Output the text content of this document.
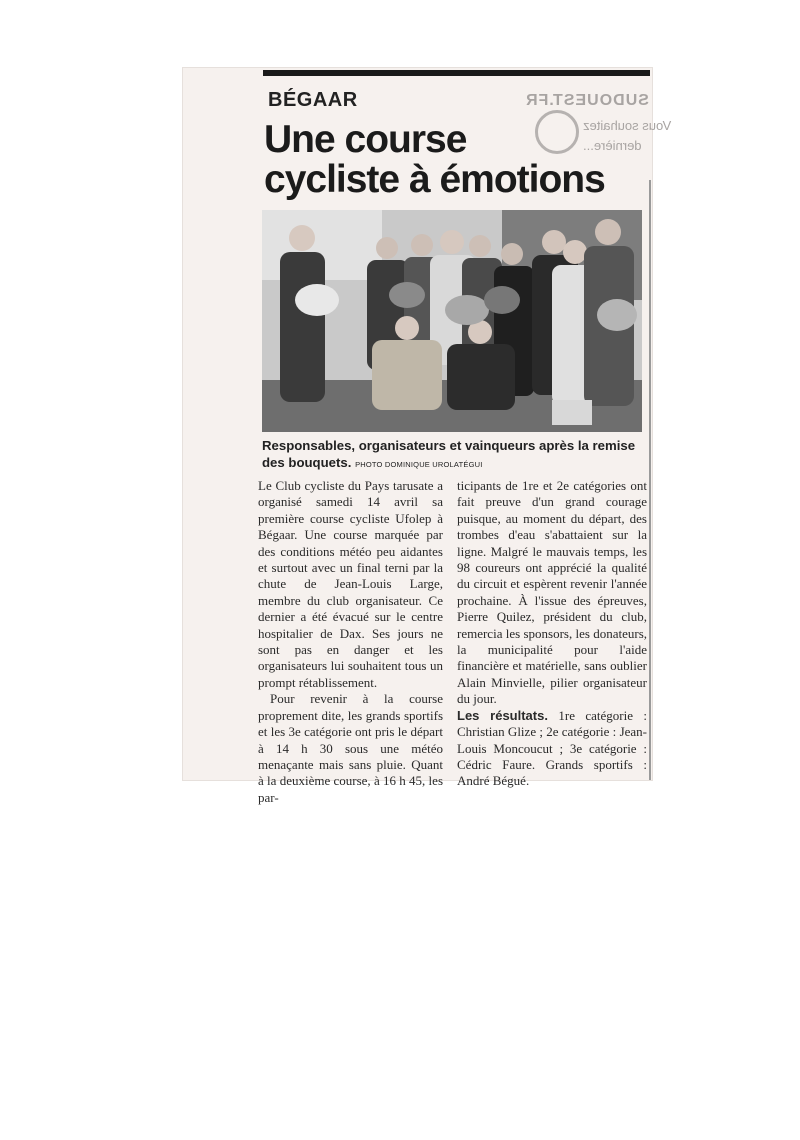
SUDOUEST.FR
Vous souhaitez
dernière...
BÉGAAR
Une course
cycliste à émotions
Responsables, organisateurs et vainqueurs après la remise des bouquets. PHOTO DOMINIQUE UROLATÉGUI

Le Club cycliste du Pays tarusate a organisé samedi 14 avril sa première course cycliste Ufolep à Bégaar. Une course marquée par des conditions météo peu aidantes et surtout avec un final terni par la chute de Jean-Louis Large, membre du club organisateur. Ce dernier a été évacué sur le centre hospitalier de Dax. Ses jours ne sont pas en danger et les organisateurs lui souhaitent tous un prompt rétablissement.

Pour revenir à la course proprement dite, les grands sportifs et les 3e catégorie ont pris le départ à 14 h 30 sous une météo menaçante mais sans pluie. Quant à la deuxième course, à 16 h 45, les par-

ticipants de 1re et 2e catégories ont fait preuve d'un grand courage puisque, au moment du départ, des trombes d'eau s'abattaient sur la ligne. Malgré le mauvais temps, les 98 coureurs ont apprécié la qualité du circuit et espèrent revenir l'année prochaine. À l'issue des épreuves, Pierre Quilez, président du club, remercia les sponsors, les donateurs, la municipalité pour l'aide financière et matérielle, sans oublier Alain Minvielle, pilier organisateur du jour.

Les résultats. 1re catégorie : Christian Glize ; 2e catégorie : Jean-Louis Moncoucut ; 3e catégorie : Cédric Faure. Grands sportifs : André Bégué.
